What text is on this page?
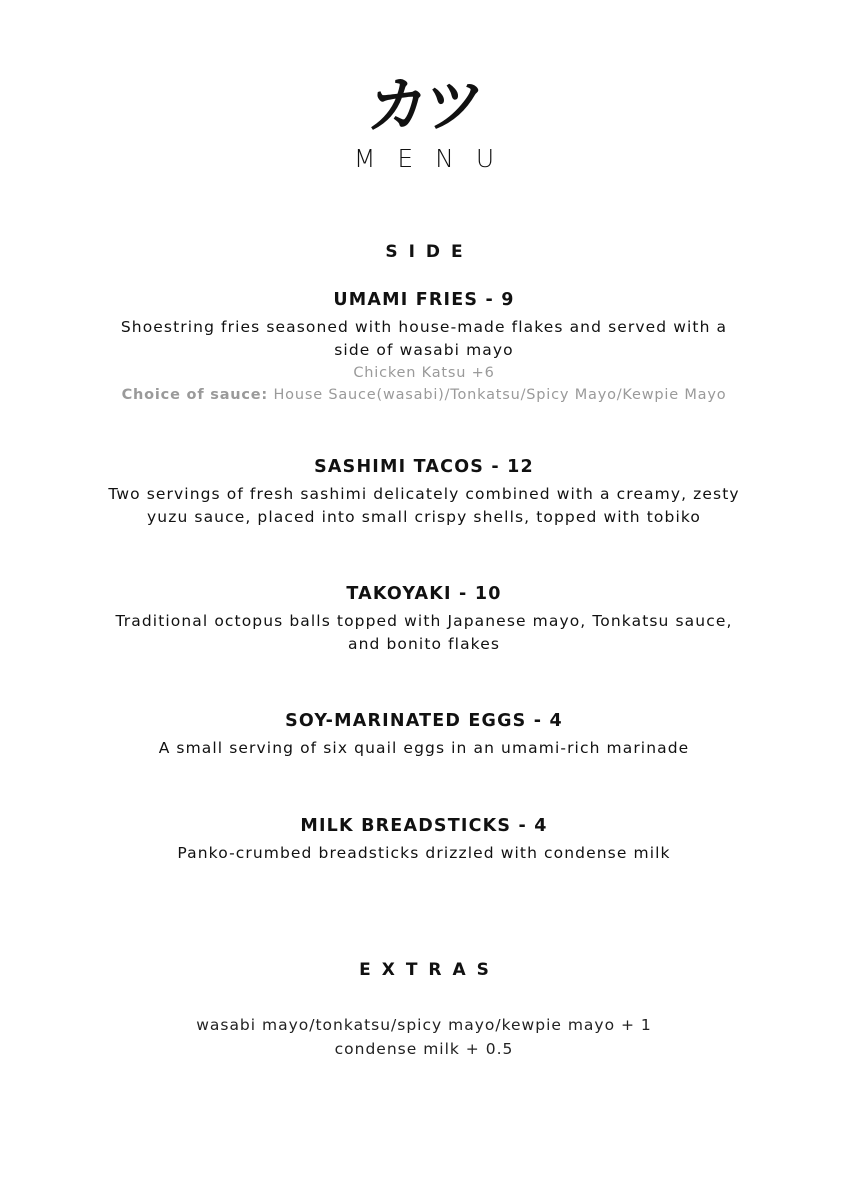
カツ
MENU
SIDE
UMAMI FRIES - 9
Shoestring fries seasoned with house-made flakes and served with a
side of wasabi mayo
Chicken Katsu +6
Choice of sauce: House Sauce(wasabi)/Tonkatsu/Spicy Mayo/Kewpie Mayo
SASHIMI TACOS - 12
Two servings of fresh sashimi delicately combined with a creamy, zesty
yuzu sauce, placed into small crispy shells, topped with tobiko
TAKOYAKI - 10
Traditional octopus balls topped with Japanese mayo, Tonkatsu sauce,
and bonito flakes
SOY-MARINATED EGGS - 4
A small serving of six quail eggs in an umami-rich marinade
MILK BREADSTICKS - 4
Panko-crumbed breadsticks drizzled with condense milk
EXTRAS
wasabi mayo/tonkatsu/spicy mayo/kewpie mayo + 1
condense milk + 0.5
